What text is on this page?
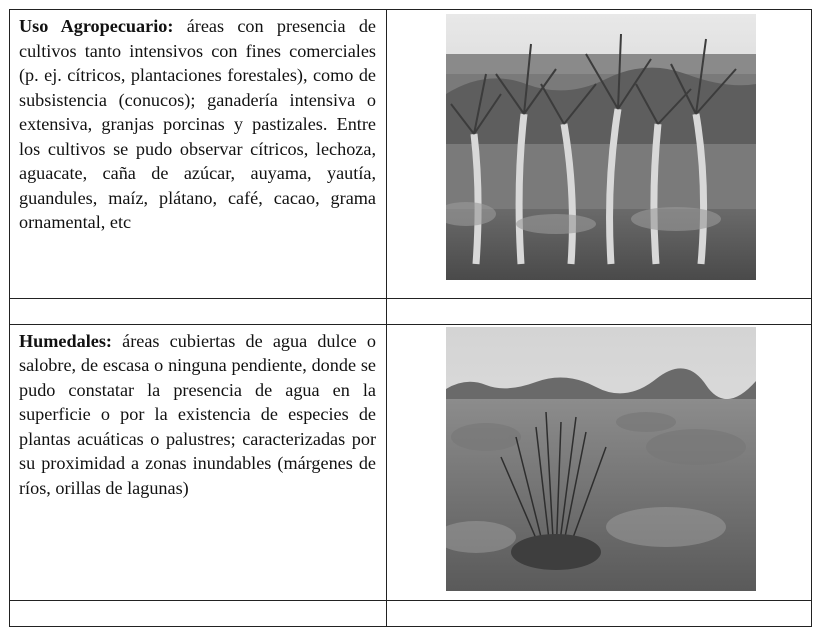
Uso Agropecuario: áreas con presencia de cultivos tanto intensivos con fines comerciales (p. ej. cítricos, plantaciones forestales), como de subsistencia (conucos); ganadería intensiva o extensiva, granjas porcinas y pastizales. Entre los cultivos se pudo observar cítricos, lechoza, aguacate, caña de azúcar, auyama, yautía, guandules, maíz, plátano, café, cacao, grama ornamental, etc

Humedales: áreas cubiertas de agua dulce o salobre, de escasa o ninguna pendiente, donde se pudo constatar la presencia de agua en la superficie o por la existencia de especies de plantas acuáticas o palustres; caracterizadas por su proximidad a zonas inundables (márgenes de ríos, orillas de lagunas)
